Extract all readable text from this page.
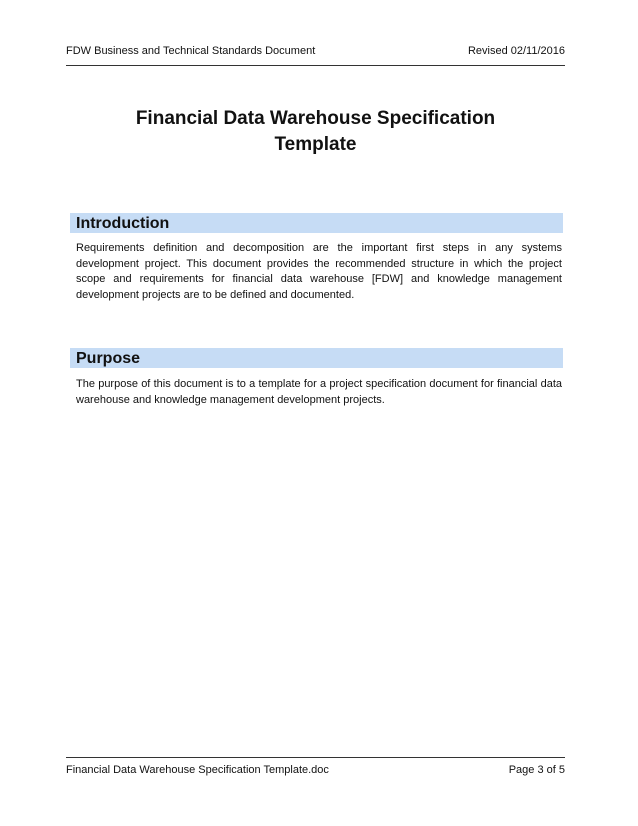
FDW Business and Technical Standards Document	Revised 02/11/2016
Financial Data Warehouse Specification
Template
Introduction

Requirements definition and decomposition are the important first steps in any systems development project. This document provides the recommended structure in which the project scope and requirements for financial data warehouse [FDW] and knowledge management development projects are to be defined and documented.

Purpose

The purpose of this document is to a template for a project specification document for financial data warehouse and knowledge management development projects.

Financial Data Warehouse Specification Template.doc	Page 3 of 5
